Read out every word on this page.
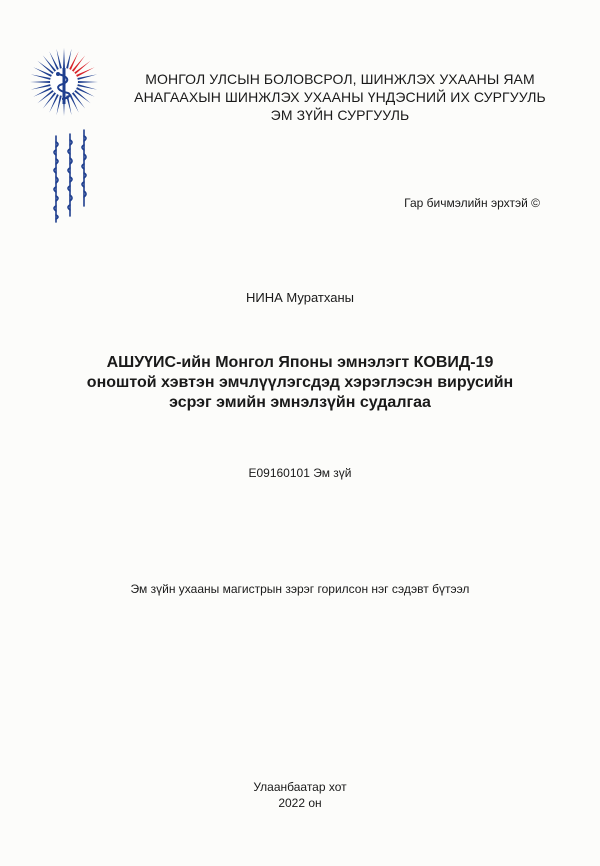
МОНГОЛ УЛСЫН БОЛОВСРОЛ, ШИНЖЛЭХ УХААНЫ ЯАМ
АНАГААХЫН ШИНЖЛЭХ УХААНЫ ҮНДЭСНИЙ ИХ СУРГУУЛЬ
ЭМ ЗҮЙН СУРГУУЛЬ
Гар бичмэлийн эрхтэй ©
НИНА Муратханы
АШУҮИС-ийн Монгол Японы эмнэлэгт КОВИД-19
оноштой хэвтэн эмчлүүлэгсдэд хэрэглэсэн вирусийн
эсрэг эмийн эмнэлзүйн судалгаа
E09160101 Эм зүй
Эм зүйн ухааны магистрын зэрэг горилсон нэг сэдэвт бүтээл
Улаанбаатар хот
2022 он
